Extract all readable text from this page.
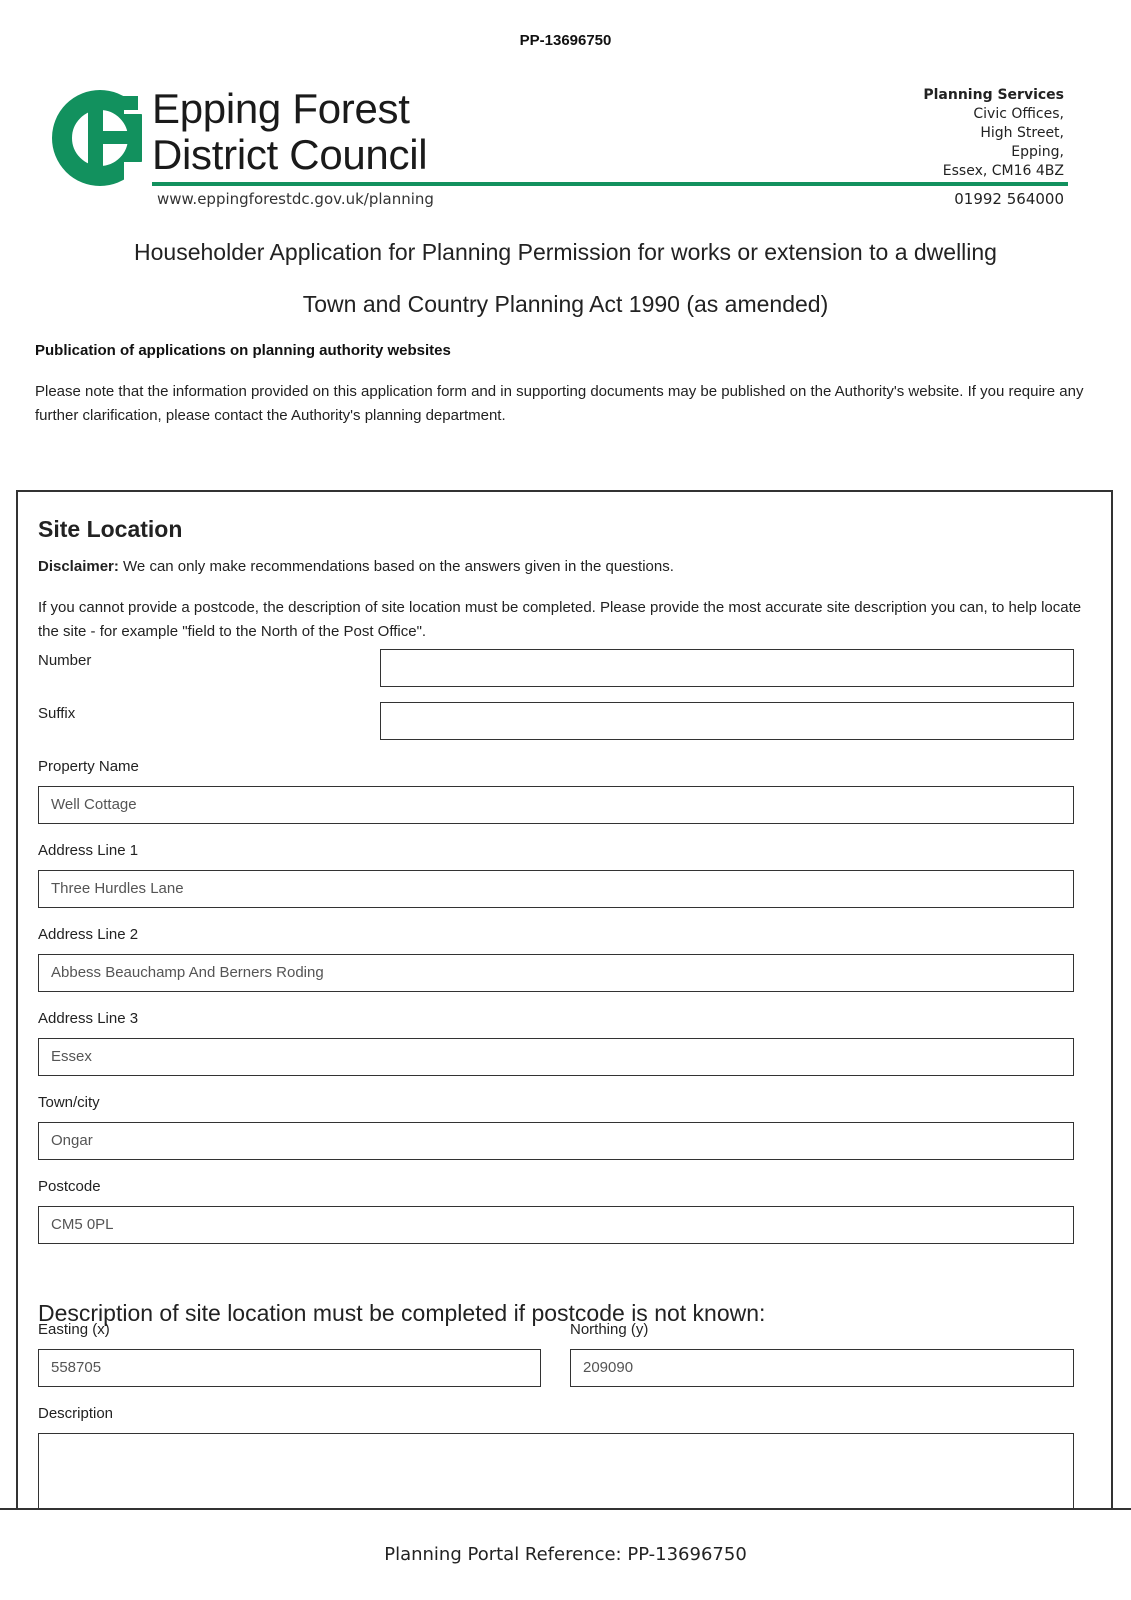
PP-13696750
Epping Forest
District Council
www.eppingforestdc.gov.uk/planning
Planning Services
Civic Offices,
High Street,
Epping,
Essex, CM16 4BZ
01992 564000
Householder Application for Planning Permission for works or extension to a dwelling
Town and Country Planning Act 1990 (as amended)
Publication of applications on planning authority websites
Please note that the information provided on this application form and in supporting documents may be published on the Authority's website. If you require any further clarification, please contact the Authority's planning department.
Site Location
Disclaimer: We can only make recommendations based on the answers given in the questions.
If you cannot provide a postcode, the description of site location must be completed. Please provide the most accurate site description you can, to help locate the site - for example "field to the North of the Post Office".
Number
Suffix
Property Name
Well Cottage
Address Line 1
Three Hurdles Lane
Address Line 2
Abbess Beauchamp And Berners Roding
Address Line 3
Essex
Town/city
Ongar
Postcode
CM5 0PL
Description of site location must be completed if postcode is not known:
Easting (x)
558705
Northing (y)
209090
Description
Planning Portal Reference: PP-13696750
